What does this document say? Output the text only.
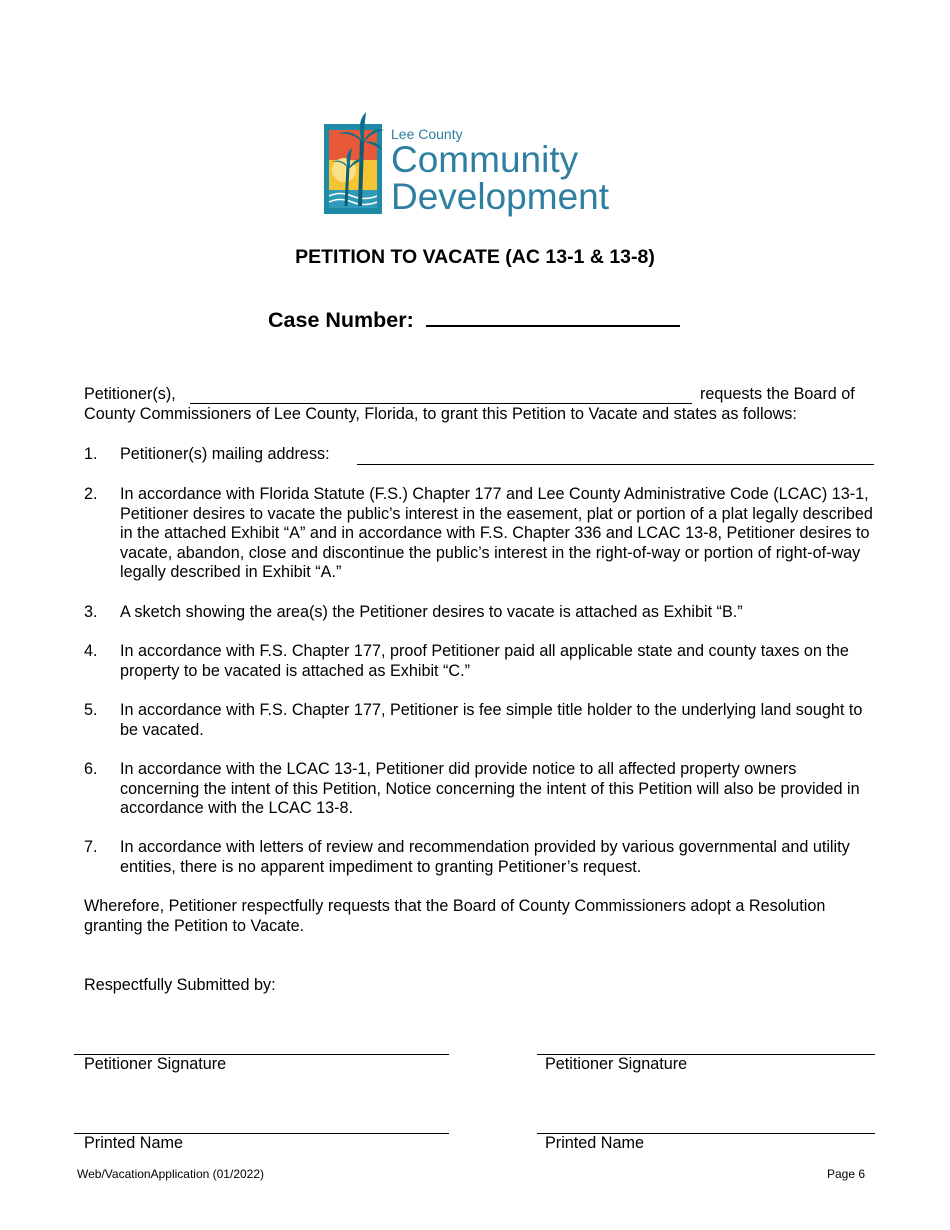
Lee County
Community
Development
PETITION TO VACATE (AC 13-1 & 13-8)
Case Number:
Petitioner(s),	requests the Board of
County Commissioners of Lee County, Florida, to grant this Petition to Vacate and states as follows:
1. Petitioner(s) mailing address:
2. In accordance with Florida Statute (F.S.) Chapter 177 and Lee County Administrative Code (LCAC) 13-1, Petitioner desires to vacate the public’s interest in the easement, plat or portion of a plat legally described in the attached Exhibit “A” and in accordance with F.S. Chapter 336 and LCAC 13-8, Petitioner desires to vacate, abandon, close and discontinue the public’s interest in the right-of-way or portion of right-of-way legally described in Exhibit “A.”
3. A sketch showing the area(s) the Petitioner desires to vacate is attached as Exhibit “B.”
4. In accordance with F.S. Chapter 177, proof Petitioner paid all applicable state and county taxes on the property to be vacated is attached as Exhibit “C.”
5. In accordance with F.S. Chapter 177, Petitioner is fee simple title holder to the underlying land sought to be vacated.
6. In accordance with the LCAC 13-1, Petitioner did provide notice to all affected property owners concerning the intent of this Petition, Notice concerning the intent of this Petition will also be provided in accordance with the LCAC 13-8.
7. In accordance with letters of review and recommendation provided by various governmental and utility entities, there is no apparent impediment to granting Petitioner’s request.
Wherefore, Petitioner respectfully requests that the Board of County Commissioners adopt a Resolution granting the Petition to Vacate.
Respectfully Submitted by:
Petitioner Signature	Petitioner Signature
Printed Name	Printed Name
Web/VacationApplication (01/2022)	Page 6
